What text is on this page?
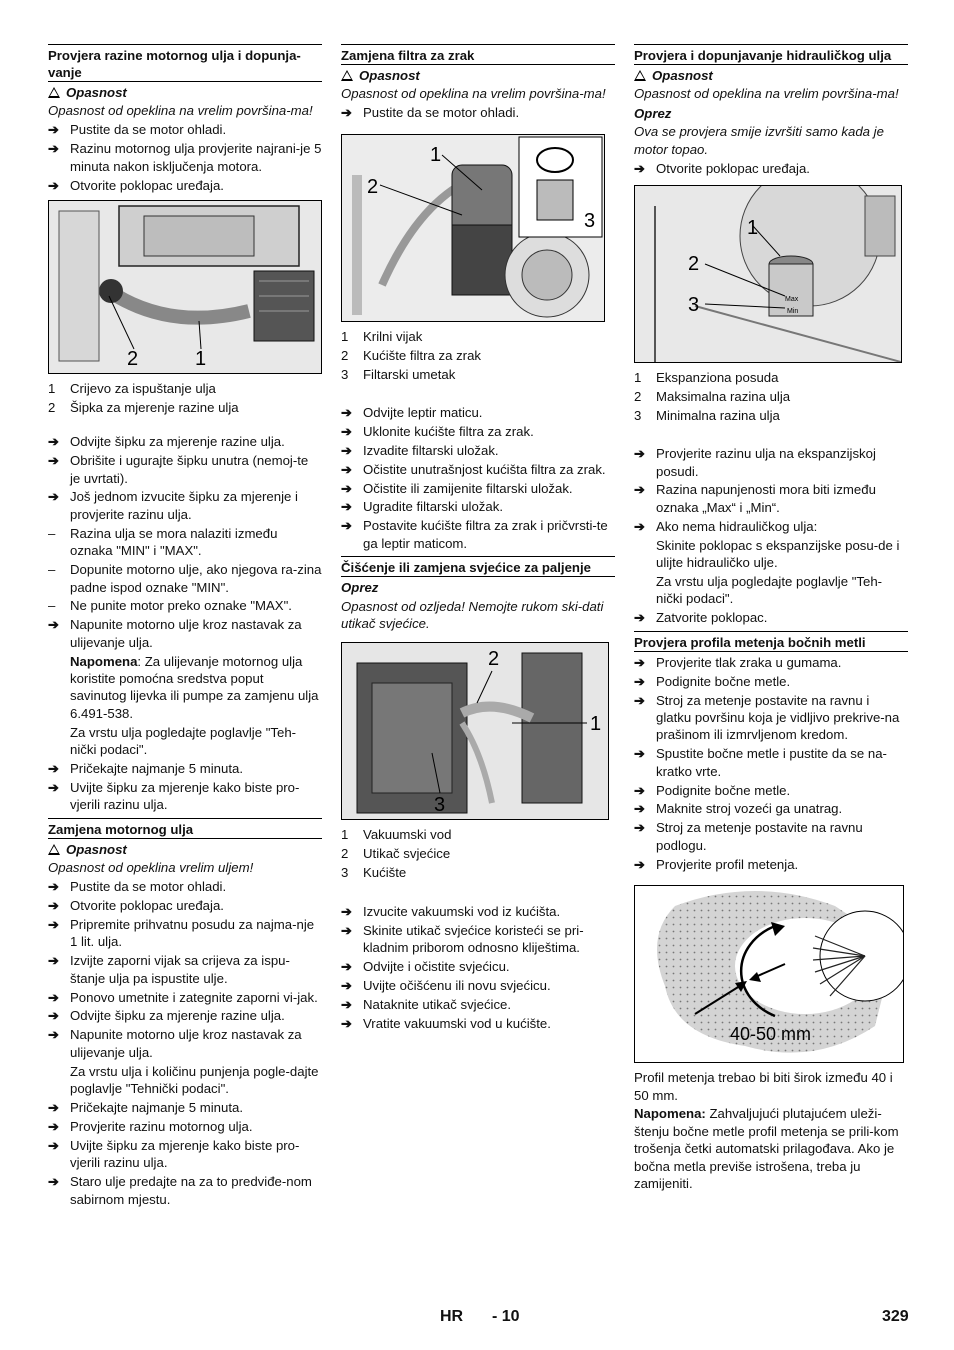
Provjera razine motornog ulja i dopunja-vanje
Opasnost
Opasnost od opeklina na vrelim površina-ma!
➔ Pustite da se motor ohladi.
➔ Razinu motornog ulja provjerite najrani-je 5 minuta nakon isključenja motora.
➔ Otvorite poklopac uređaja.
2	1
1 Crijevo za ispuštanje ulja
2 Šipka za mjerenje razine ulja
➔ Odvijte šipku za mjerenje razine ulja.
➔ Obrišite i ugurajte šipku unutra (nemoj-te je uvrtati).
➔ Još jednom izvucite šipku za mjerenje i provjerite razinu ulja.
–	Razina ulja se mora nalaziti između oznaka "MIN" i "MAX".
–	Dopunite motorno ulje, ako njegova ra-zina padne ispod oznake "MIN".
–	Ne punite motor preko oznake "MAX".
➔ Napunite motorno ulje kroz nastavak za ulijevanje ulja.
Napomena: Za ulijevanje motornog ulja koristite pomoćna sredstva poput savinutog lijevka ili pumpe za zamjenu ulja 6.491-538.
Za vrstu ulja pogledajte poglavlje "Teh-nički podaci".
➔ Pričekajte najmanje 5 minuta.
➔ Uvijte šipku za mjerenje kako biste pro-vjerili razinu ulja.
Zamjena motornog ulja
Opasnost
Opasnost od opeklina vrelim uljem!
➔ Pustite da se motor ohladi.
➔ Otvorite poklopac uređaja.
➔ Pripremite prihvatnu posudu za najma-nje 1 lit. ulja.
➔ Izvijte zaporni vijak sa crijeva za ispu-štanje ulja pa ispustite ulje.
➔ Ponovo umetnite i zategnite zaporni vi-jak.
➔ Odvijte šipku za mjerenje razine ulja.
➔ Napunite motorno ulje kroz nastavak za ulijevanje ulja.
Za vrstu ulja i količinu punjenja pogle-dajte poglavlje "Tehnički podaci".
➔ Pričekajte najmanje 5 minuta.
➔ Provjerite razinu motornog ulja.
➔ Uvijte šipku za mjerenje kako biste pro-vjerili razinu ulja.
➔ Staro ulje predajte na za to predviđe-nom sabirnom mjestu.
Zamjena filtra za zrak
Opasnost
Opasnost od opeklina na vrelim površina-ma!
➔ Pustite da se motor ohladi.
1
2
3
1 Krilni vijak
2 Kućište filtra za zrak
3 Filtarski umetak
➔ Odvijte leptir maticu.
➔ Uklonite kućište filtra za zrak.
➔ Izvadite filtarski uložak.
➔ Očistite unutrašnjost kućišta filtra za zrak.
➔ Očistite ili zamijenite filtarski uložak.
➔ Ugradite filtarski uložak.
➔ Postavite kućište filtra za zrak i pričvrsti-te ga leptir maticom.
Čišćenje ili zamjena svjećice za paljenje
Oprez
Opasnost od ozljeda! Nemojte rukom ski-dati utikač svjećice.
2
1
3
1 Vakuumski vod
2 Utikač svjećice
3 Kućište
➔ Izvucite vakuumski vod iz kućišta.
➔ Skinite utikač svjećice koristeći se pri-kladnim priborom odnosno kliještima.
➔ Odvijte i očistite svjećicu.
➔ Uvijte očišćenu ili novu svjećicu.
➔ Nataknite utikač svjećice.
➔ Vratite vakuumski vod u kućište.
Provjera i dopunjavanje hidrauličkog ulja
Opasnost
Opasnost od opeklina na vrelim površina-ma!
Oprez
Ova se provjera smije izvršiti samo kada je motor topao.
➔ Otvorite poklopac uređaja.
Max
Min
1
2
3
1 Ekspanziona posuda
2 Maksimalna razina ulja
3 Minimalna razina ulja
➔ Provjerite razinu ulja na ekspanzijskoj posudi.
➔ Razina napunjenosti mora biti između oznaka „Max“ i „Min“.
➔ Ako nema hidrauličkog ulja:
Skinite poklopac s ekspanzijske posu-de i ulijte hidrauličko ulje.
Za vrstu ulja pogledajte poglavlje "Teh-nički podaci".
➔ Zatvorite poklopac.
Provjera profila metenja bočnih metli
➔ Provjerite tlak zraka u gumama.
➔ Podignite bočne metle.
➔ Stroj za metenje postavite na ravnu i glatku površinu koja je vidljivo prekrive-na prašinom ili izmrvljenom kredom.
➔ Spustite bočne metle i pustite da se na-kratko vrte.
➔ Podignite bočne metle.
➔ Maknite stroj vozeći ga unatrag.
➔ Stroj za metenje postavite na ravnu podlogu.
➔ Provjerite profil metenja.
40-50 mm
Profil metenja trebao bi biti širok između 40 i 50 mm.
Napomena: Zahvaljujući plutajućem uleži-štenju bočne metle profil metenja se prili-kom trošenja četki automatski prilagođava. Ako je bočna metla previše istrošena, treba ju zamijeniti.
HR - 10	329
